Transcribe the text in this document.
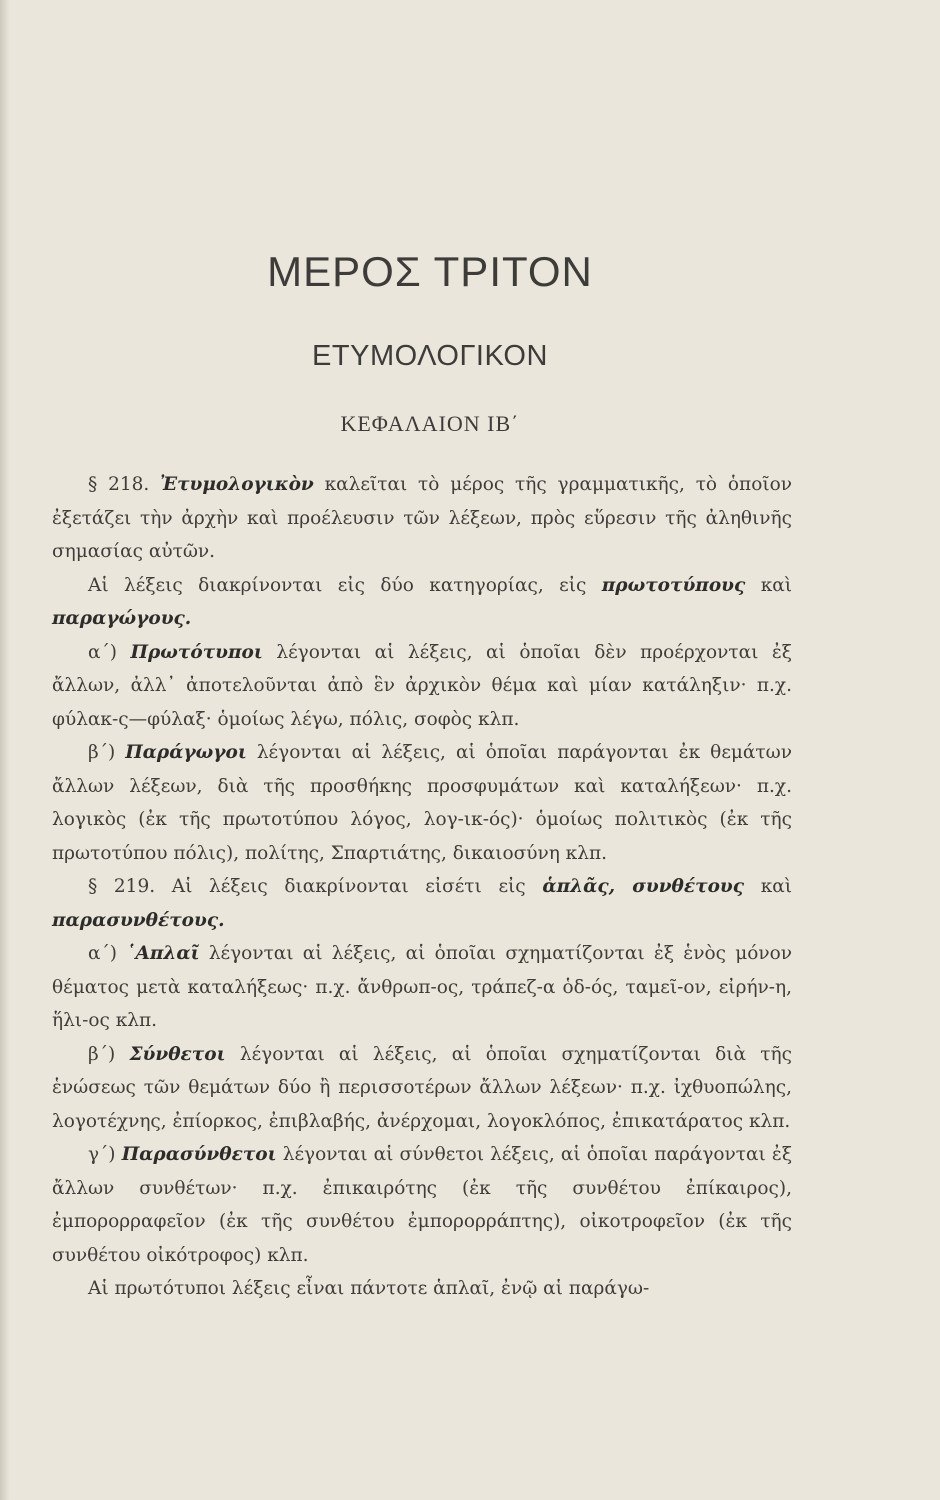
ΜΕΡΟΣ ΤΡΙΤΟΝ
ΕΤΥΜΟΛΟΓΙΚΟΝ
ΚΕΦΑΛΑΙΟΝ ΙΒ΄

§ 218. Ἐτυμολογικὸν καλεῖται τὸ μέρος τῆς γραμματικῆς, τὸ ὁποῖον ἐξετάζει τὴν ἀρχὴν καὶ προέλευσιν τῶν λέξεων, πρὸς εὕρεσιν τῆς ἀληθινῆς σημασίας αὐτῶν.

Αἱ λέξεις διακρίνονται εἰς δύο κατηγορίας, εἰς πρωτοτύπους καὶ παραγώγους.

α΄) Πρωτότυποι λέγονται αἱ λέξεις, αἱ ὁποῖαι δὲν προέρχονται ἐξ ἄλλων, ἀλλ᾽ ἀποτελοῦνται ἀπὸ ἓν ἀρχικὸν θέμα καὶ μίαν κατάληξιν· π.χ. φύλακ-ς—φύλαξ· ὁμοίως λέγω, πόλις, σοφὸς κλπ.

β΄) Παράγωγοι λέγονται αἱ λέξεις, αἱ ὁποῖαι παράγονται ἐκ θεμάτων ἄλλων λέξεων, διὰ τῆς προσθήκης προσφυμάτων καὶ καταλήξεων· π.χ. λογικὸς (ἐκ τῆς πρωτοτύπου λόγος, λογ-ικ-ός)· ὁμοίως πολιτικὸς (ἐκ τῆς πρωτοτύπου πόλις), πολίτης, Σπαρτιάτης, δικαιοσύνη κλπ.

§ 219. Αἱ λέξεις διακρίνονται εἰσέτι εἰς ἁπλᾶς, συνθέτους καὶ παρασυνθέτους.

α΄) ῾Απλαῖ λέγονται αἱ λέξεις, αἱ ὁποῖαι σχηματίζονται ἐξ ἑνὸς μόνον θέματος μετὰ καταλήξεως· π.χ. ἄνθρωπ-ος, τράπεζ-α ὁδ-ός, ταμεῖ-ον, εἰρήν-η, ἥλι-ος κλπ.

β΄) Σύνθετοι λέγονται αἱ λέξεις, αἱ ὁποῖαι σχηματίζονται διὰ τῆς ἑνώσεως τῶν θεμάτων δύο ἢ περισσοτέρων ἄλλων λέξεων· π.χ. ἰχθυοπώλης, λογοτέχνης, ἐπίορκος, ἐπιβλαβής, ἀνέρχομαι, λογοκλόπος, ἐπικατάρατος κλπ.

γ΄) Παρασύνθετοι λέγονται αἱ σύνθετοι λέξεις, αἱ ὁποῖαι παράγονται ἐξ ἄλλων συνθέτων· π.χ. ἐπικαιρότης (ἐκ τῆς συνθέτου ἐπίκαιρος), ἐμπορορραφεῖον (ἐκ τῆς συνθέτου ἐμπορορράπτης), οἰκοτροφεῖον (ἐκ τῆς συνθέτου οἰκότροφος) κλπ.

Αἱ πρωτότυποι λέξεις εἶναι πάντοτε ἁπλαῖ, ἐνῷ αἱ παράγω-
